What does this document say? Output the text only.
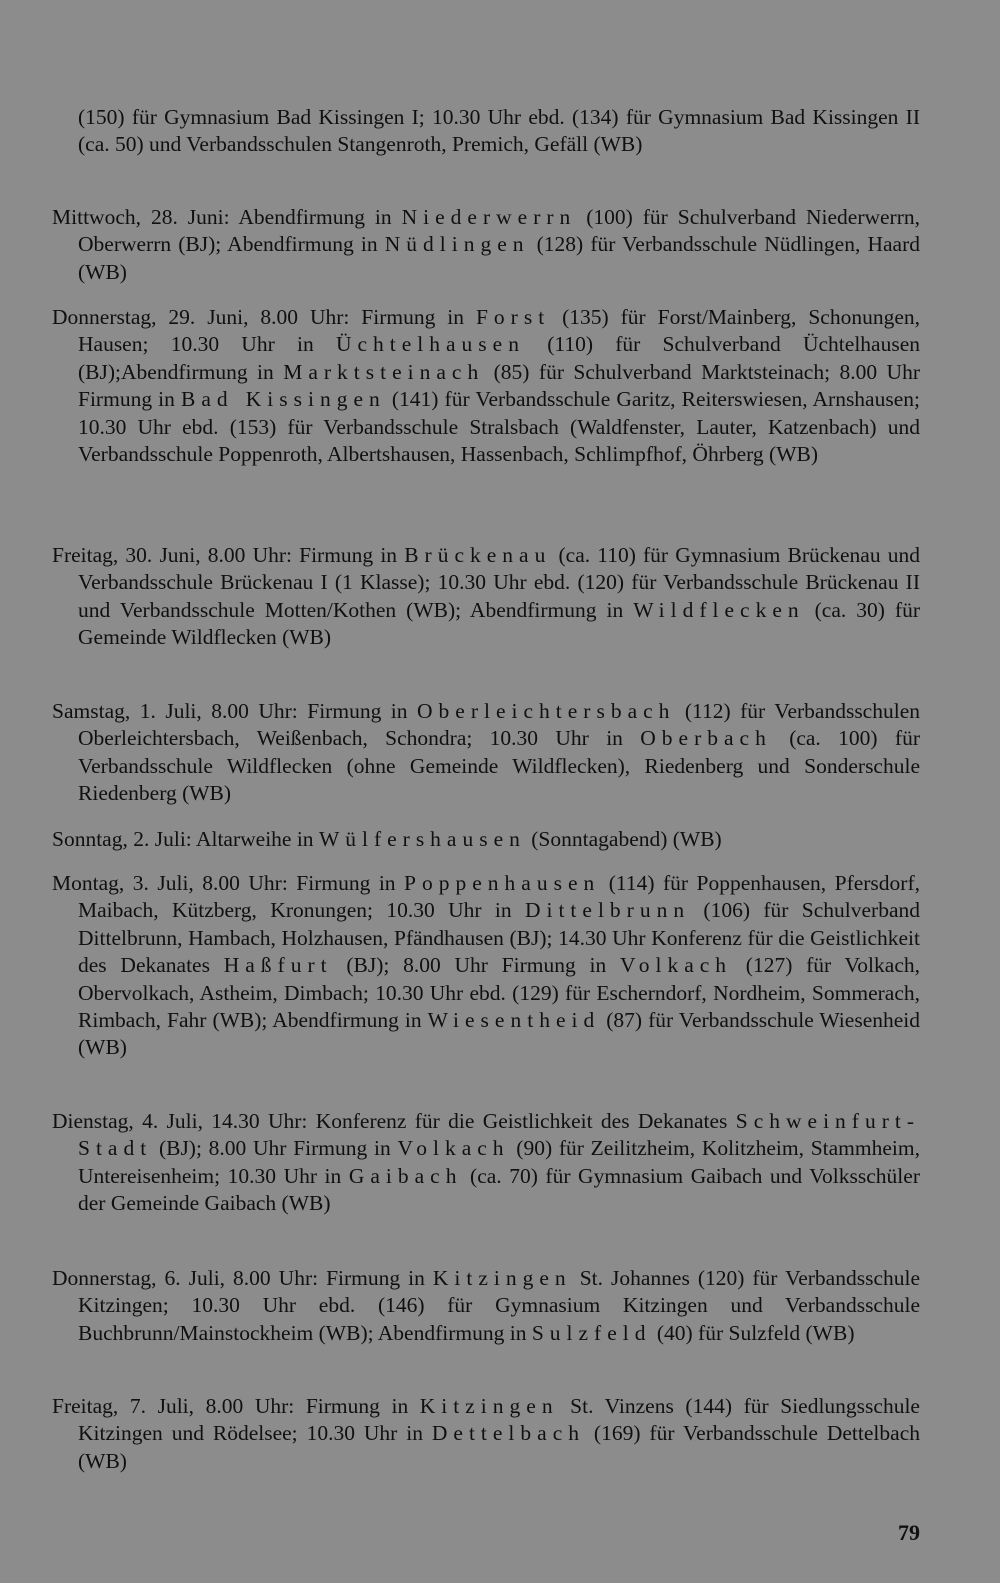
(150) für Gymnasium Bad Kissingen I; 10.30 Uhr ebd. (134) für Gymnasium Bad Kissingen II (ca. 50) und Verbandsschulen Stangenroth, Premich, Gefäll (WB)

Mittwoch, 28. Juni: Abendfirmung in Niederwerrn (100) für Schulverband Niederwerrn, Oberwerrn (BJ); Abendfirmung in Nüdlingen (128) für Verbandsschule Nüdlingen, Haard (WB)

Donnerstag, 29. Juni, 8.00 Uhr: Firmung in Forst (135) für Forst/Mainberg, Schonungen, Hausen; 10.30 Uhr in Üchtelhausen (110) für Schulverband Üchtelhausen (BJ);Abendfirmung in Marktsteinach (85) für Schulverband Marktsteinach; 8.00 Uhr Firmung in Bad Kissingen (141) für Verbandsschule Garitz, Reiterswiesen, Arnshausen; 10.30 Uhr ebd. (153) für Verbandsschule Stralsbach (Waldfenster, Lauter, Katzenbach) und Verbandsschule Poppenroth, Albertshausen, Hassenbach, Schlimpfhof, Öhrberg (WB)

Freitag, 30. Juni, 8.00 Uhr: Firmung in Brückenau (ca. 110) für Gymnasium Brückenau und Verbandsschule Brückenau I (1 Klasse); 10.30 Uhr ebd. (120) für Verbandsschule Brückenau II und Verbandsschule Motten/Kothen (WB); Abendfirmung in Wildflecken (ca. 30) für Gemeinde Wildflecken (WB)

Samstag, 1. Juli, 8.00 Uhr: Firmung in Oberleichtersbach (112) für Verbandsschulen Oberleichtersbach, Weißenbach, Schondra; 10.30 Uhr in Oberbach (ca. 100) für Verbandsschule Wildflecken (ohne Gemeinde Wildflecken), Riedenberg und Sonderschule Riedenberg (WB)

Sonntag, 2. Juli: Altarweihe in Wülfershausen (Sonntagabend) (WB)

Montag, 3. Juli, 8.00 Uhr: Firmung in Poppenhausen (114) für Poppenhausen, Pfersdorf, Maibach, Kützberg, Kronungen; 10.30 Uhr in Dittelbrunn (106) für Schulverband Dittelbrunn, Hambach, Holzhausen, Pfändhausen (BJ); 14.30 Uhr Konferenz für die Geistlichkeit des Dekanates Haßfurt (BJ); 8.00 Uhr Firmung in Volkach (127) für Volkach, Obervolkach, Astheim, Dimbach; 10.30 Uhr ebd. (129) für Escherndorf, Nordheim, Sommerach, Rimbach, Fahr (WB); Abendfirmung in Wiesentheid (87) für Verbandsschule Wiesenheid (WB)

Dienstag, 4. Juli, 14.30 Uhr: Konferenz für die Geistlichkeit des Dekanates Schweinfurt-Stadt (BJ); 8.00 Uhr Firmung in Volkach (90) für Zeilitzheim, Kolitzheim, Stammheim, Untereisenheim; 10.30 Uhr in Gaibach (ca. 70) für Gymnasium Gaibach und Volksschüler der Gemeinde Gaibach (WB)

Donnerstag, 6. Juli, 8.00 Uhr: Firmung in Kitzingen St. Johannes (120) für Verbandsschule Kitzingen; 10.30 Uhr ebd. (146) für Gymnasium Kitzingen und Verbandsschule Buchbrunn/Mainstockheim (WB); Abendfirmung in Sulzfeld (40) für Sulzfeld (WB)

Freitag, 7. Juli, 8.00 Uhr: Firmung in Kitzingen St. Vinzens (144) für Siedlungsschule Kitzingen und Rödelsee; 10.30 Uhr in Dettelbach (169) für Verbandsschule Dettelbach (WB)

79
